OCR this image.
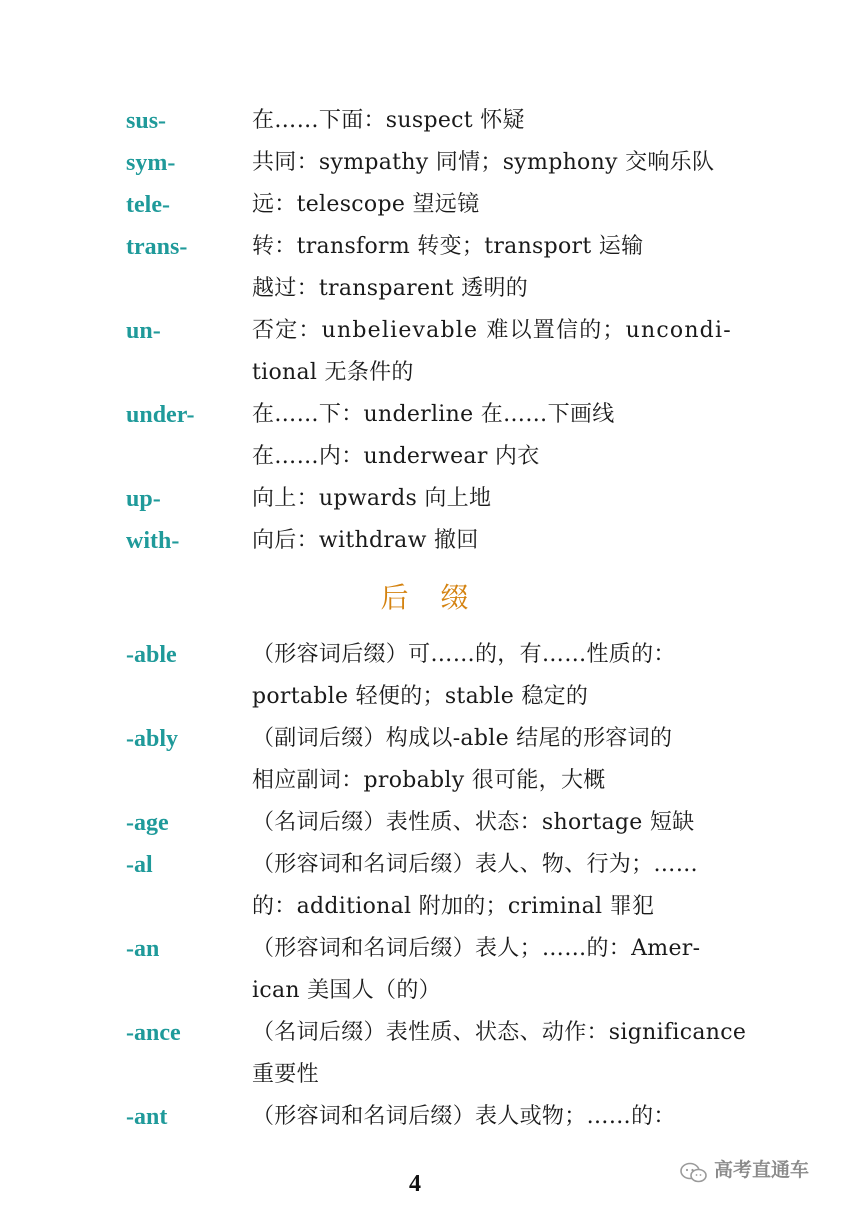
sus-	在……下面：suspect 怀疑
sym-	共同：sympathy 同情；symphony 交响乐队
tele-	远：telescope 望远镜
trans-	转：transform 转变；transport 运输
越过：transparent 透明的
un-	否定：unbelievable 难以置信的；uncondi-
tional 无条件的
under-	在……下：underline 在……下画线
在……内：underwear 内衣
up-	向上：upwards 向上地
with-	向后：withdraw 撤回
后　缀
-able	（形容词后缀）可……的，有……性质的：
portable 轻便的；stable 稳定的
-ably	（副词后缀）构成以-able 结尾的形容词的
相应副词：probably 很可能，大概
-age	（名词后缀）表性质、状态：shortage 短缺
-al	（形容词和名词后缀）表人、物、行为；……
的：additional 附加的；criminal 罪犯
-an	（形容词和名词后缀）表人；……的：Amer-
ican 美国人（的）
-ance	（名词后缀）表性质、状态、动作：significance
重要性
-ant	（形容词和名词后缀）表人或物；……的：
4
高考直通车
